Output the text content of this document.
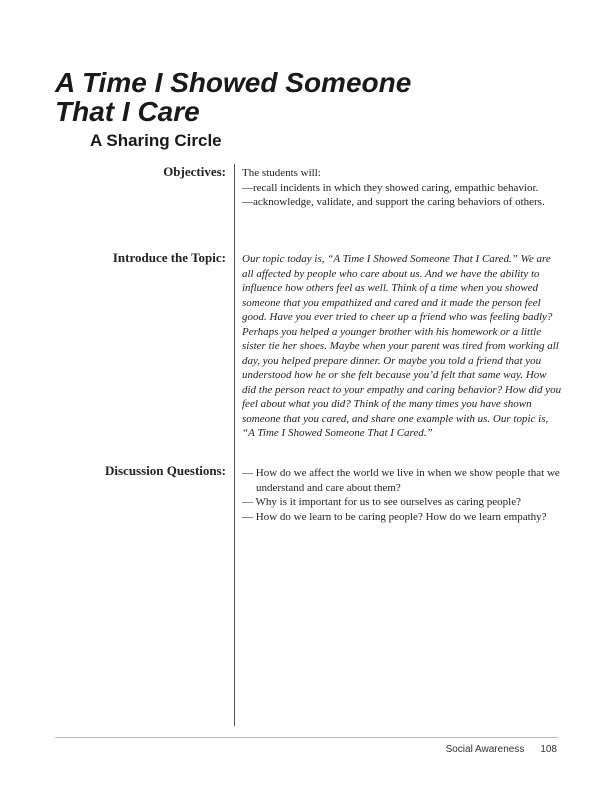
A Time I Showed Someone
That I Care
A Sharing Circle
Objectives: The students will:

—recall incidents in which they showed caring, empathic behavior.

—acknowledge, validate, and support the caring behaviors of others.

Introduce the Topic: Our topic today is, “A Time I Showed Someone That I Cared.” We are all affected by people who care about us. And we have the ability to influence how others feel as well. Think of a time when you showed someone that you empathized and cared and it made the person feel good. Have you ever tried to cheer up a friend who was feeling badly? Perhaps you helped a younger brother with his homework or a little sister tie her shoes. Maybe when your parent was tired from working all day, you helped prepare dinner. Or maybe you told a friend that you understood how he or she felt because you’d felt that same way. How did the person react to your empathy and caring behavior? How did you feel about what you did? Think of the many times you have shown someone that you cared, and share one example with us. Our topic is, “A Time I Showed Someone That I Cared.”
Discussion Questions: — How do we affect the world we live in when we show people that we understand and care about them?

— Why is it important for us to see ourselves as caring people?

— How do we learn to be caring people? How do we learn empathy?

Social Awareness 108
